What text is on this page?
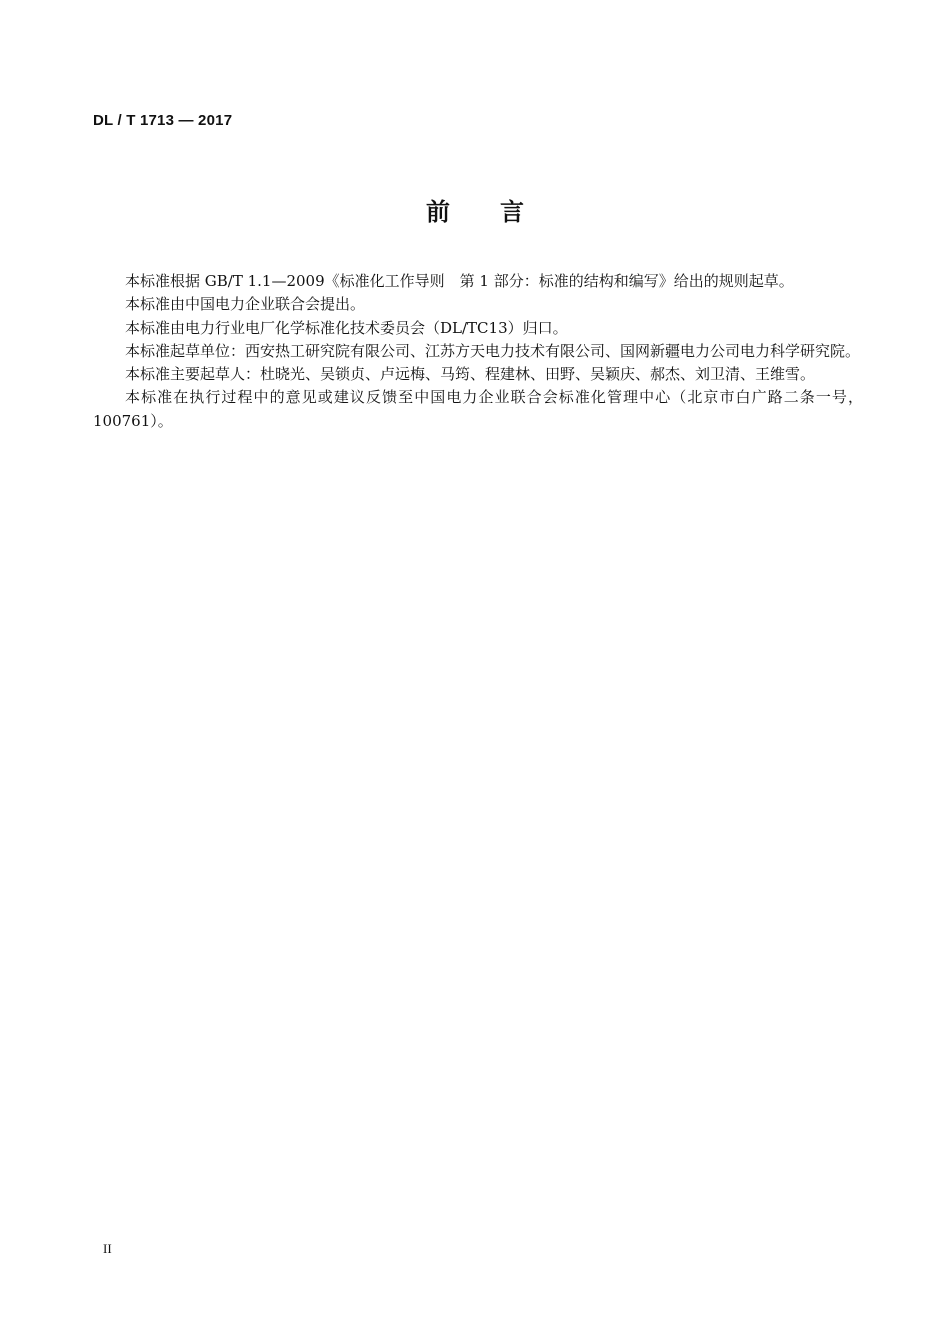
DL / T 1713 — 2017
前言

本标准根据 GB/T 1.1—2009《标准化工作导则　第 1 部分：标准的结构和编写》给出的规则起草。

本标准由中国电力企业联合会提出。

本标准由电力行业电厂化学标准化技术委员会（DL/TC13）归口。

本标准起草单位：西安热工研究院有限公司、江苏方天电力技术有限公司、国网新疆电力公司电力科学研究院。

本标准主要起草人：杜晓光、吴锁贞、卢远梅、马筠、程建林、田野、吴颖庆、郝杰、刘卫清、王维雪。

本标准在执行过程中的意见或建议反馈至中国电力企业联合会标准化管理中心（北京市白广路二条一号，100761）。

II
